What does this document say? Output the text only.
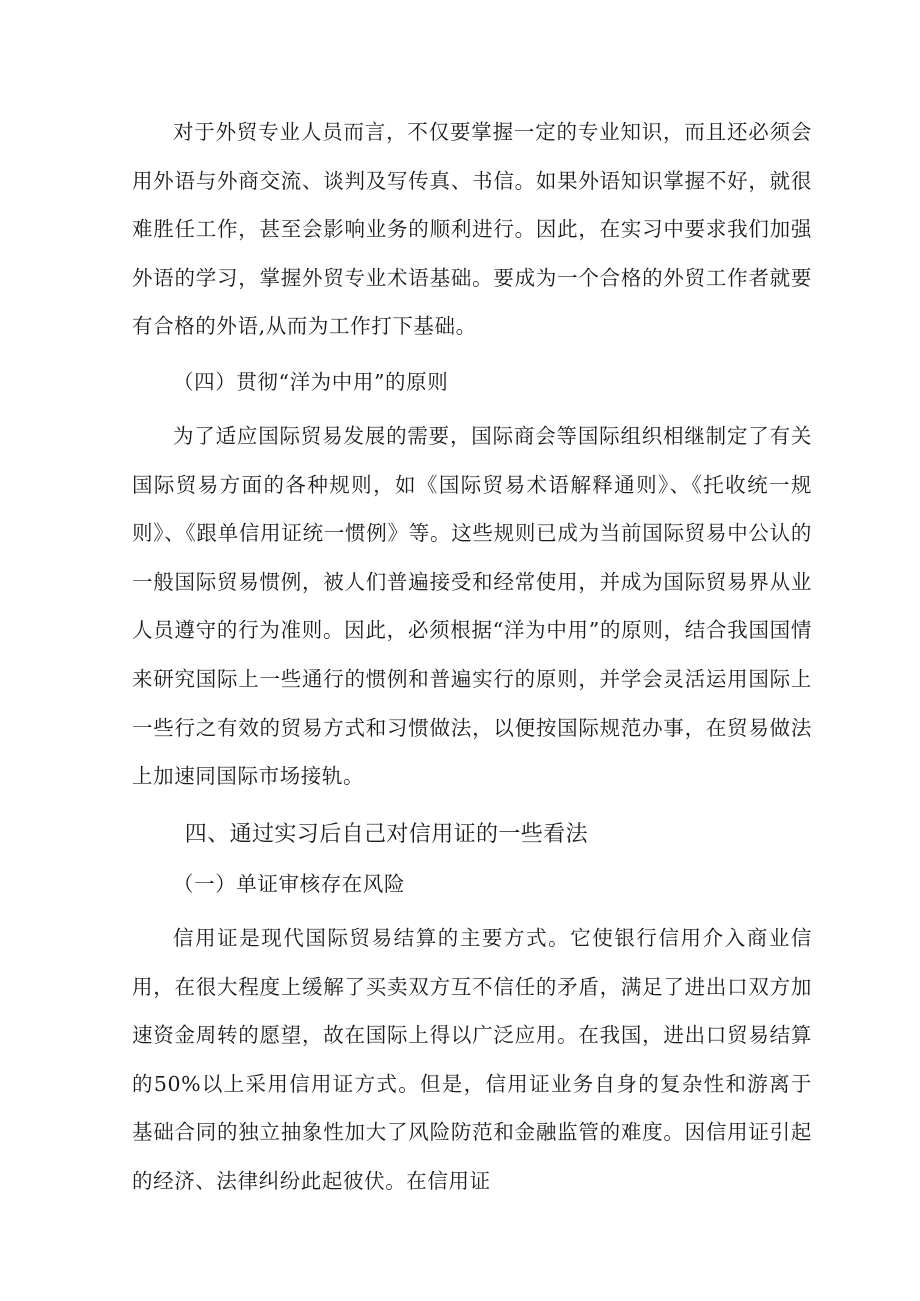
对于外贸专业人员而言，不仅要掌握一定的专业知识，而且还必须会用外语与外商交流、谈判及写传真、书信。如果外语知识掌握不好，就很难胜任工作，甚至会影响业务的顺利进行。因此，在实习中要求我们加强外语的学习，掌握外贸专业术语基础。要成为一个合格的外贸工作者就要有合格的外语,从而为工作打下基础。

（四）贯彻“洋为中用”的原则

为了适应国际贸易发展的需要，国际商会等国际组织相继制定了有关国际贸易方面的各种规则，如《国际贸易术语解释通则》、《托收统一规则》、《跟单信用证统一惯例》等。这些规则已成为当前国际贸易中公认的一般国际贸易惯例，被人们普遍接受和经常使用，并成为国际贸易界从业人员遵守的行为准则。因此，必须根据“洋为中用”的原则，结合我国国情来研究国际上一些通行的惯例和普遍实行的原则，并学会灵活运用国际上一些行之有效的贸易方式和习惯做法，以便按国际规范办事，在贸易做法上加速同国际市场接轨。

四、通过实习后自己对信用证的一些看法

（一）单证审核存在风险

信用证是现代国际贸易结算的主要方式。它使银行信用介入商业信用，在很大程度上缓解了买卖双方互不信任的矛盾，满足了进出口双方加速资金周转的愿望，故在国际上得以广泛应用。在我国，进出口贸易结算的50%以上采用信用证方式。但是，信用证业务自身的复杂性和游离于基础合同的独立抽象性加大了风险防范和金融监管的难度。因信用证引起的经济、法律纠纷此起彼伏。在信用证
